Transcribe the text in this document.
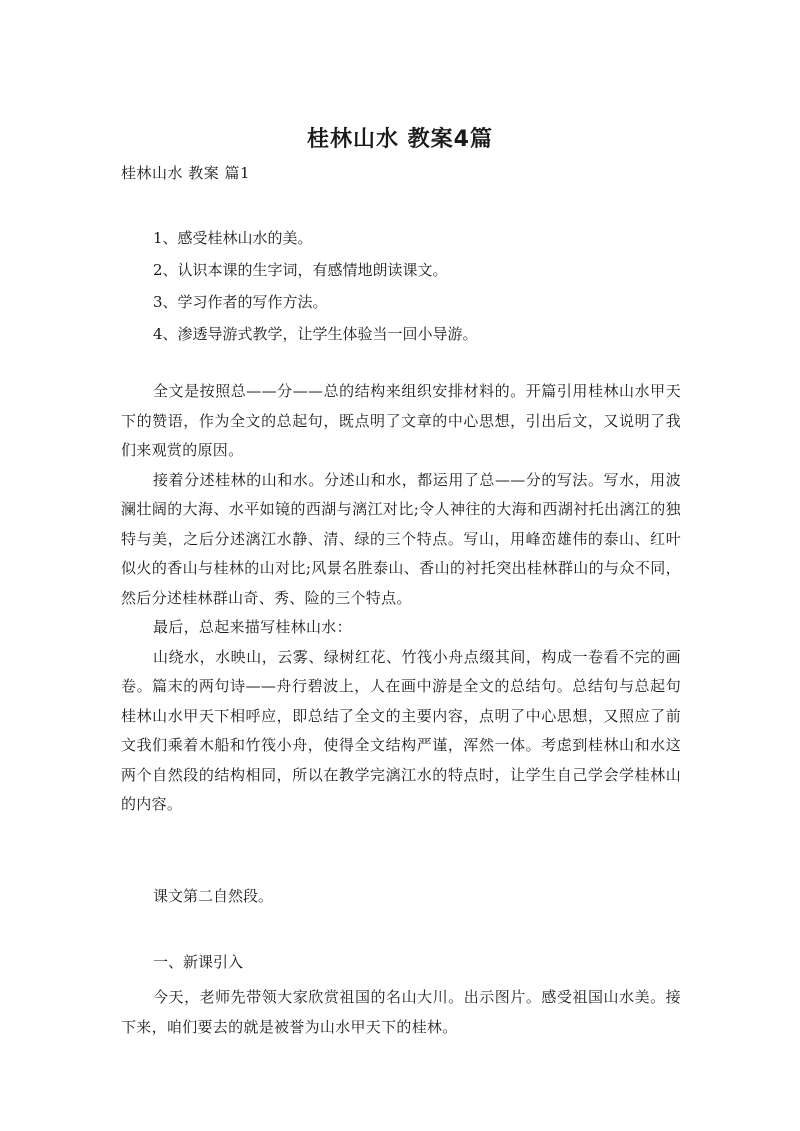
桂林山水 教案4篇

桂林山水 教案 篇1

1、感受桂林山水的美。
2、认识本课的生字词，有感情地朗读课文。
3、学习作者的写作方法。
4、渗透导游式教学，让学生体验当一回小导游。

全文是按照总——分——总的结构来组织安排材料的。开篇引用桂林山水甲天下的赞语，作为全文的总起句，既点明了文章的中心思想，引出后文，又说明了我们来观赏的原因。

接着分述桂林的山和水。分述山和水，都运用了总——分的写法。写水，用波澜壮阔的大海、水平如镜的西湖与漓江对比;令人神往的大海和西湖衬托出漓江的独特与美，之后分述漓江水静、清、绿的三个特点。写山，用峰峦雄伟的泰山、红叶似火的香山与桂林的山对比;风景名胜泰山、香山的衬托突出桂林群山的与众不同，然后分述桂林群山奇、秀、险的三个特点。

最后，总起来描写桂林山水：

山绕水，水映山，云雾、绿树红花、竹筏小舟点缀其间，构成一卷看不完的画卷。篇末的两句诗——舟行碧波上，人在画中游是全文的总结句。总结句与总起句桂林山水甲天下相呼应，即总结了全文的主要内容，点明了中心思想，又照应了前文我们乘着木船和竹筏小舟，使得全文结构严谨，浑然一体。考虑到桂林山和水这两个自然段的结构相同，所以在教学完漓江水的特点时，让学生自己学会学桂林山的内容。

课文第二自然段。

一、新课引入

今天，老师先带领大家欣赏祖国的名山大川。出示图片。感受祖国山水美。接下来，咱们要去的就是被誉为山水甲天下的桂林。
